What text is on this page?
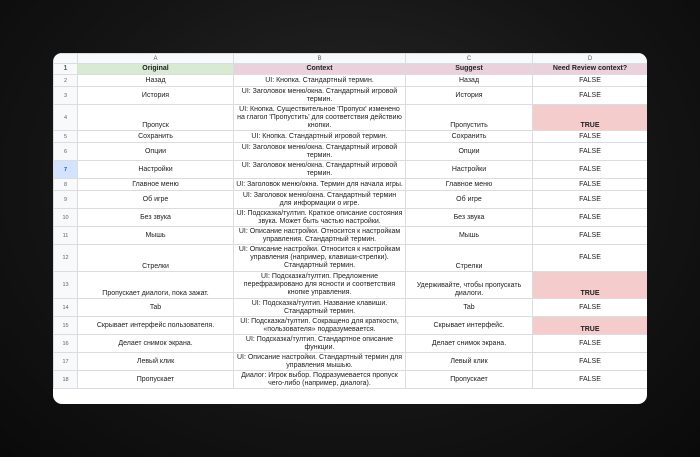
	A	B	C	D
1	Original	Context	Suggest	Need Review context?
2	Назад	UI: Кнопка. Стандартный термин.	Назад	FALSE
3	История	UI: Заголовок меню/окна. Стандартный игровой термин.	История	FALSE
4	Пропуск	UI: Кнопка. Существительное 'Пропуск' изменено на глагол 'Пропустить' для соответствия действию кнопки.	Пропустить	TRUE
5	Сохранить	UI: Кнопка. Стандартный игровой термин.	Сохранить	FALSE
6	Опции	UI: Заголовок меню/окна. Стандартный игровой термин.	Опции	FALSE
7	Настройки	UI: Заголовок меню/окна. Стандартный игровой термин.	Настройки	FALSE
8	Главное меню	UI: Заголовок меню/окна. Термин для начала игры.	Главное меню	FALSE
9	Об игре	UI: Заголовок меню/окна. Стандартный термин для информации о игре.	Об игре	FALSE
10	Без звука	UI: Подсказка/тултип. Краткое описание состояния звука. Может быть частью настройки.	Без звука	FALSE
11	Мышь	UI: Описание настройки. Относится к настройкам управления. Стандартный термин.	Мышь	FALSE
12	Стрелки	UI: Описание настройки. Относится к настройкам управления (например, клавиши-стрелки). Стандартный термин.	Стрелки	FALSE
13	Пропускает диалоги, пока зажат.	UI: Подсказка/тултип. Предложение перефразировано для ясности и соответствия кнопке управления.	Удерживайте, чтобы пропускать диалоги.	TRUE
14	Tab	UI: Подсказка/тултип. Название клавиши. Стандартный термин.	Tab	FALSE
15	Скрывает интерфейс пользователя.	UI: Подсказка/тултип. Сокращено для краткости, «пользователя» подразумевается.	Скрывает интерфейс.	TRUE
16	Делает снимок экрана.	UI: Подсказка/тултип. Стандартное описание функции.	Делает снимок экрана.	FALSE
17	Левый клик	UI: Описание настройки. Стандартный термин для управления мышью.	Левый клик	FALSE
18	Пропускает	Диалог: Игрок выбор. Подразумевается пропуск чего-либо (например, диалога).	Пропускает	FALSE
